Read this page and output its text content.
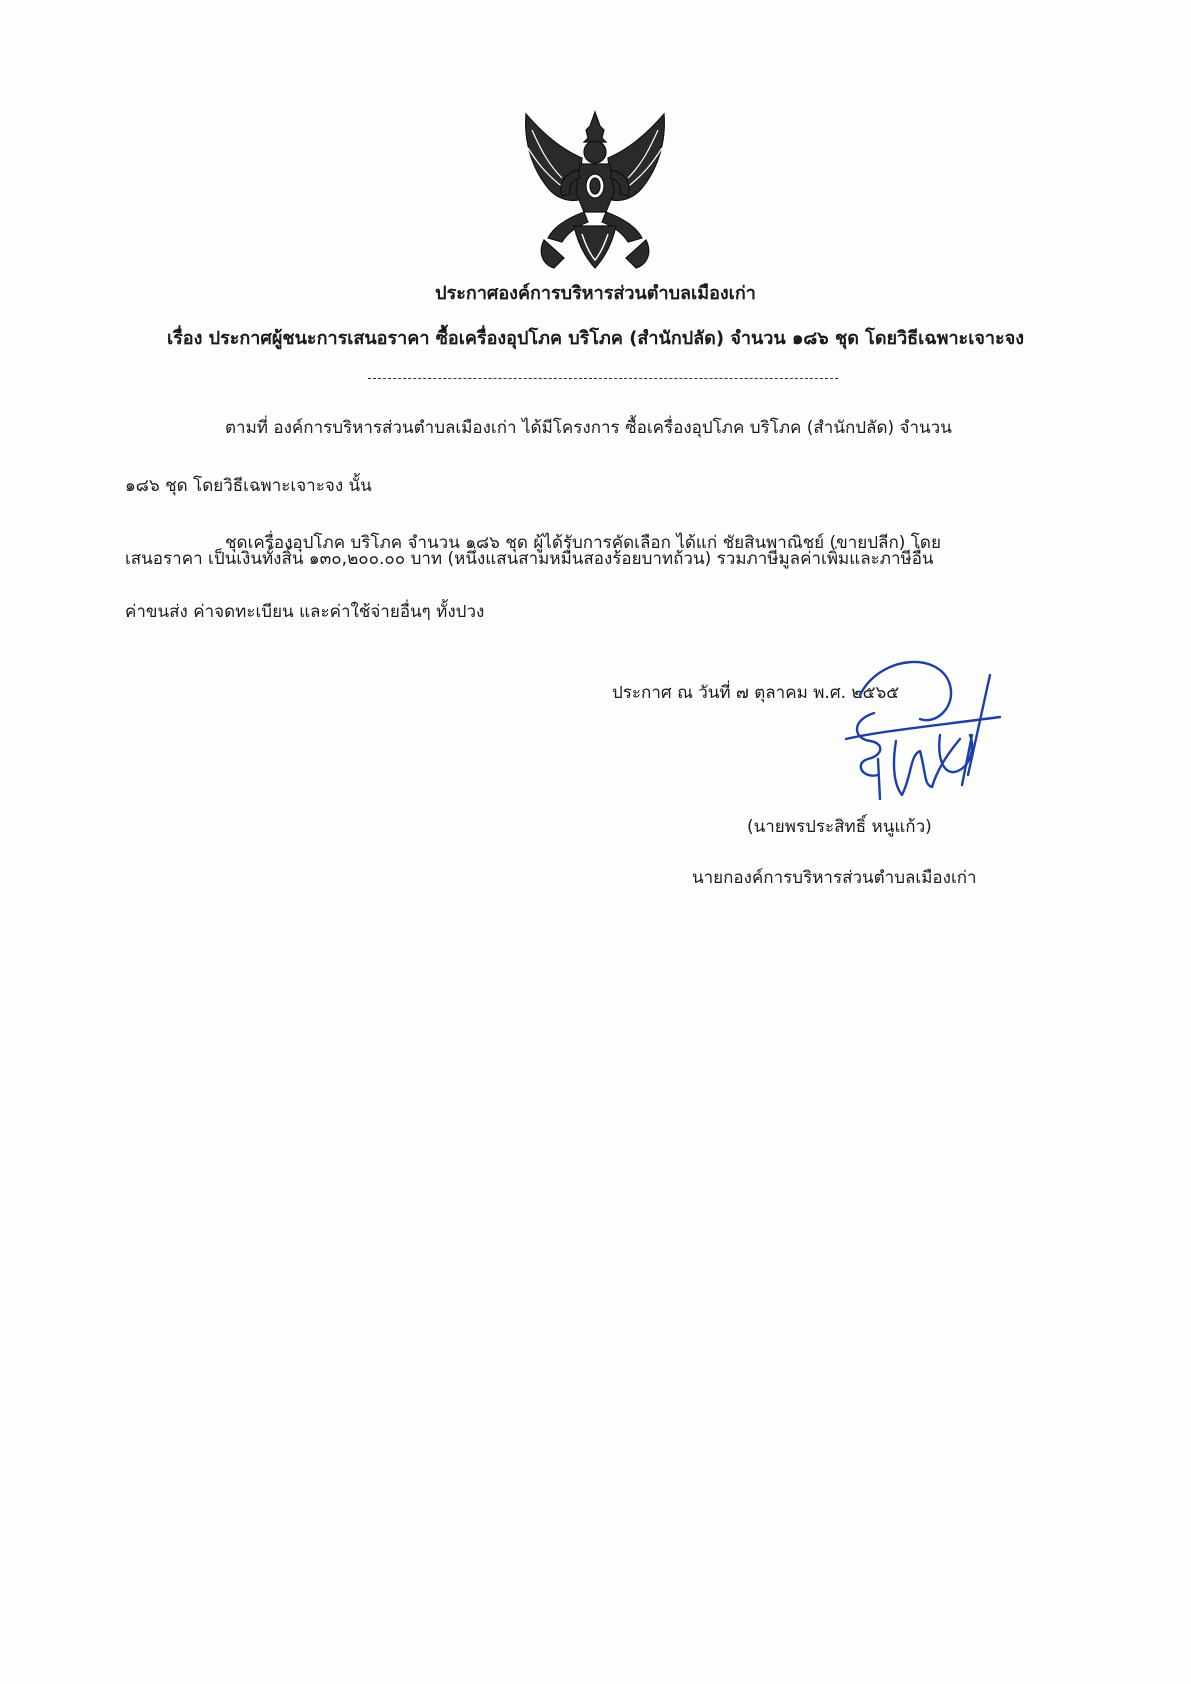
ประกาศองค์การบริหารส่วนตำบลเมืองเก่า
เรื่อง ประกาศผู้ชนะการเสนอราคา ซื้อเครื่องอุปโภค บริโภค (สำนักปลัด) จำนวน ๑๘๖ ชุด โดยวิธีเฉพาะเจาะจง
ตามที่ องค์การบริหารส่วนตำบลเมืองเก่า ได้มีโครงการ ซื้อเครื่องอุปโภค บริโภค (สำนักปลัด) จำนวน
๑๘๖ ชุด โดยวิธีเฉพาะเจาะจง นั้น
ชุดเครื่องอุปโภค บริโภค จำนวน ๑๘๖ ชุด ผู้ได้รับการคัดเลือก ได้แก่ ชัยสินพาณิชย์ (ขายปลีก) โดย
เสนอราคา เป็นเงินทั้งสิ้น ๑๓๐,๒๐๐.๐๐ บาท (หนึ่งแสนสามหมื่นสองร้อยบาทถ้วน) รวมภาษีมูลค่าเพิ่มและภาษีอื่น
ค่าขนส่ง ค่าจดทะเบียน และค่าใช้จ่ายอื่นๆ ทั้งปวง
ประกาศ ณ วันที่ ๗ ตุลาคม พ.ศ. ๒๕๖๕
(นายพรประสิทธิ์ หนูแก้ว)
นายกองค์การบริหารส่วนตำบลเมืองเก่า
